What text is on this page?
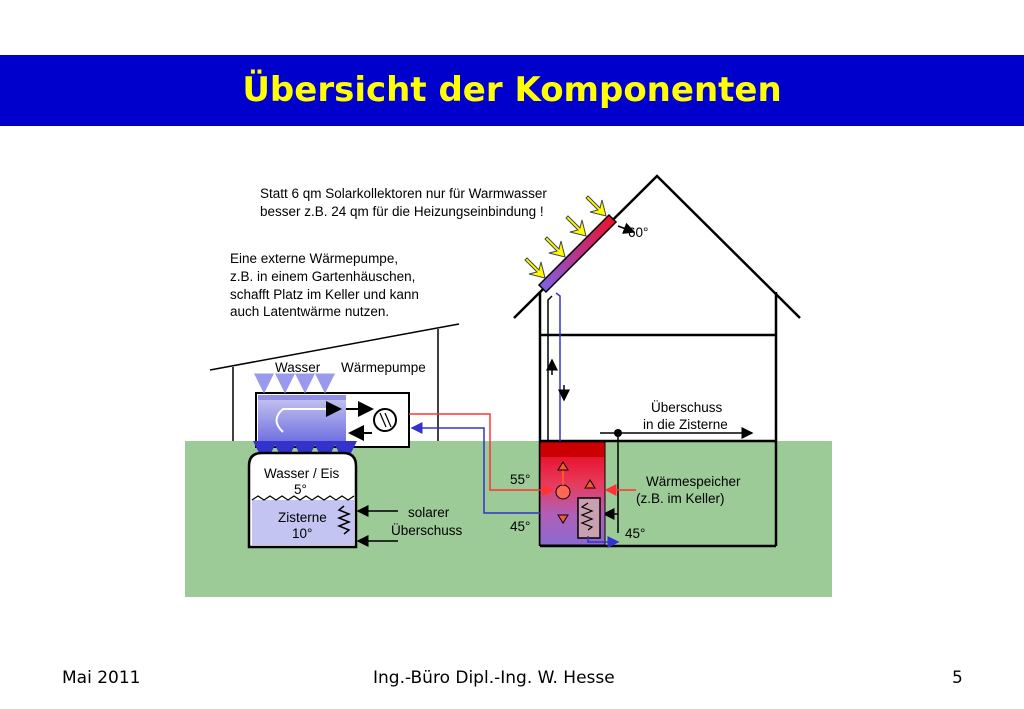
Übersicht der Komponenten
Statt 6 qm Solarkollektoren nur für Warmwasser
besser z.B. 24 qm für die Heizungseinbindung !
Eine externe Wärmepumpe,
z.B. in einem Gartenhäuschen,
schafft Platz im Keller und kann
auch Latentwärme nutzen.
Wasser Wärmepumpe
Wasser / Eis
5°
Zisterne
10°
solarer
Überschuss
60°
Überschuss
in die Zisterne
Wärmespeicher
(z.B. im Keller)
55°
45°	45°
Mai 2011	Ing.-Büro Dipl.-Ing. W. Hesse	5
